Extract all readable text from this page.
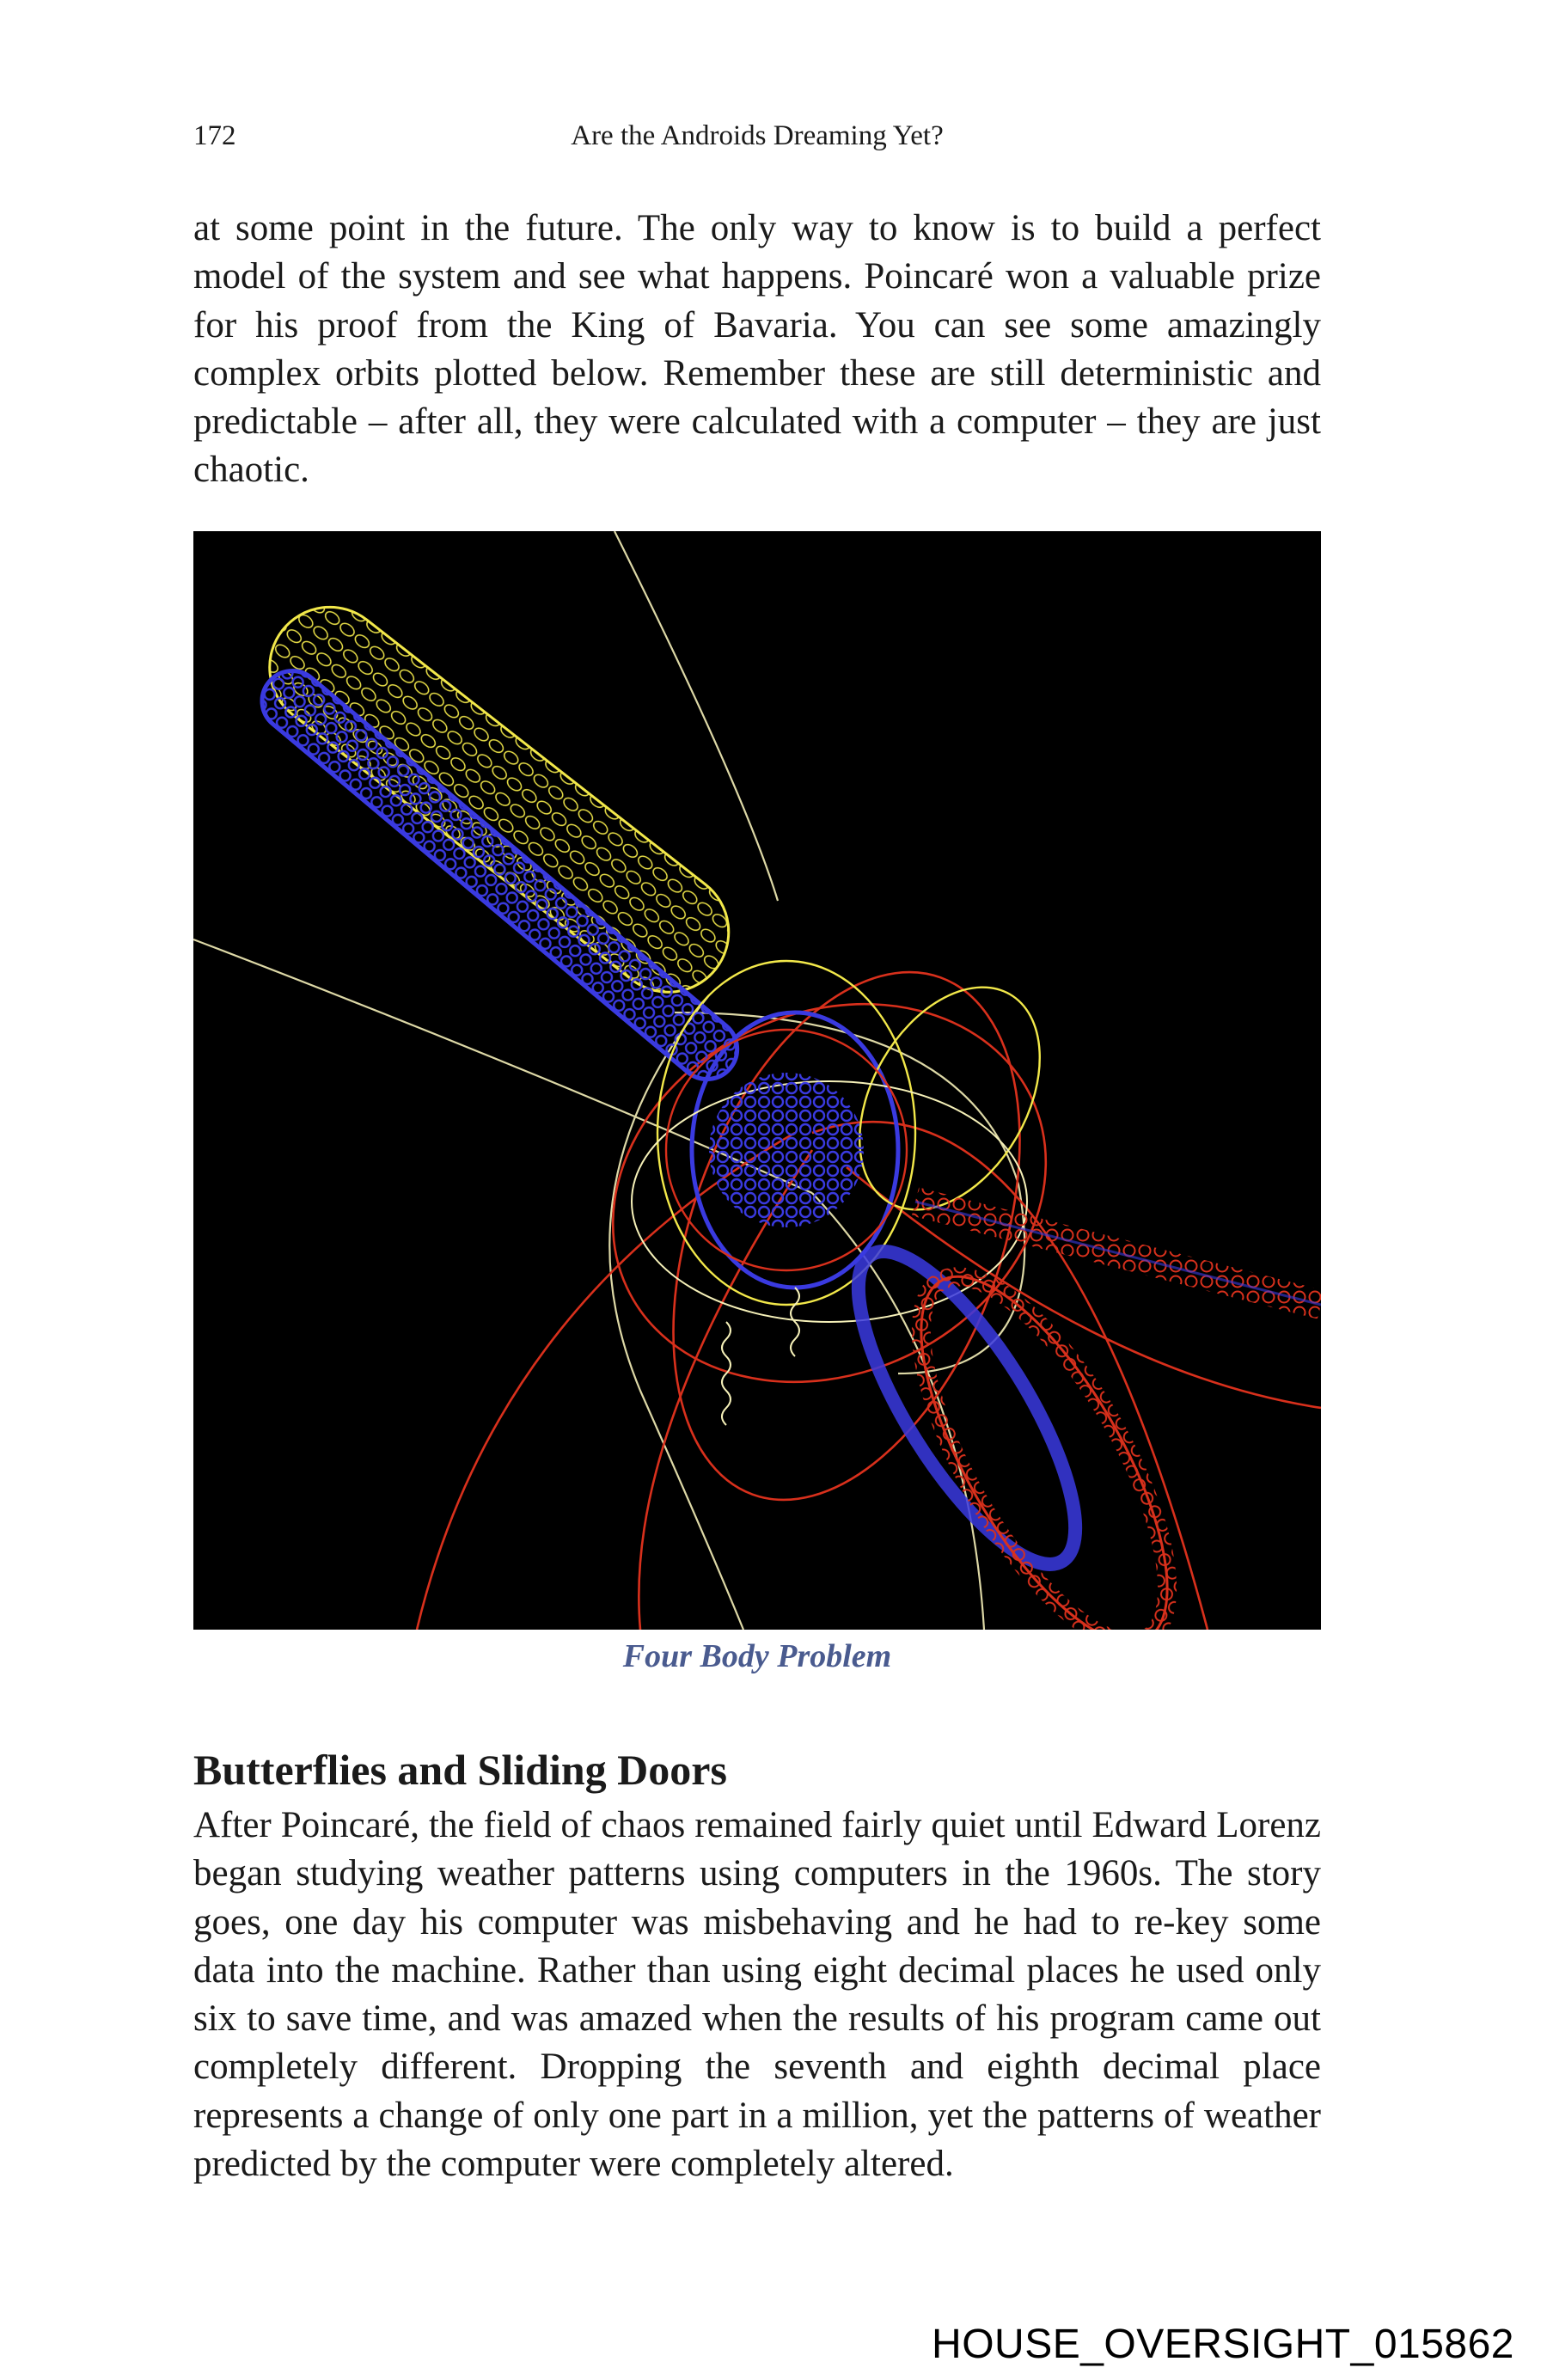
172	Are the Androids Dreaming Yet?

at some point in the future. The only way to know is to build a perfect model of the system and see what happens. Poincaré won a valuable prize for his proof from the King of Bavaria. You can see some amazingly complex orbits plotted below. Remember these are still deterministic and predictable – after all, they were calculated with a computer – they are just chaotic.

Four Body Problem
Butterflies and Sliding Doors

After Poincaré, the field of chaos remained fairly quiet until Edward Lorenz began studying weather patterns using computers in the 1960s. The story goes, one day his computer was misbehaving and he had to re-key some data into the machine. Rather than using eight decimal places he used only six to save time, and was amazed when the results of his program came out completely different. Dropping the seventh and eighth decimal place represents a change of only one part in a million, yet the patterns of weather predicted by the computer were completely altered.

HOUSE_OVERSIGHT_015862
